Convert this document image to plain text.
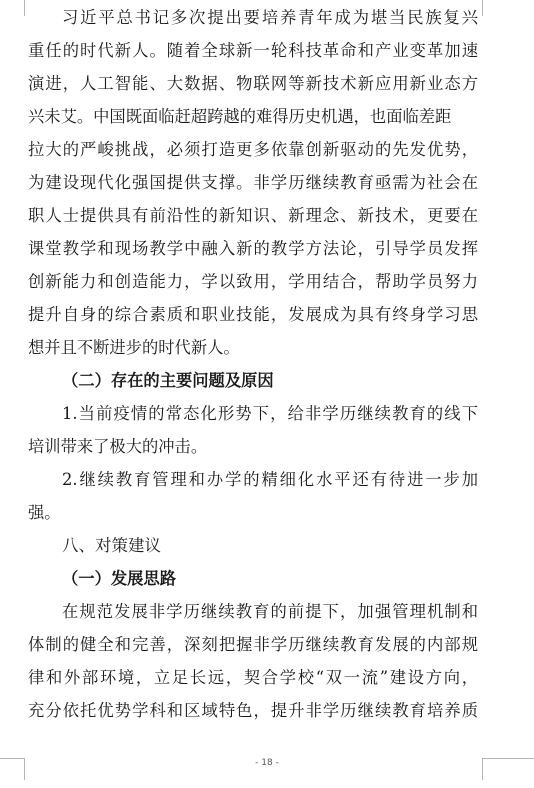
习近平总书记多次提出要培养青年成为堪当民族复兴
重任的时代新人。随着全球新一轮科技革命和产业变革加速
演进，人工智能、大数据、物联网等新技术新应用新业态方
兴未艾。中国既面临赶超跨越的难得历史机遇，也面临差距
拉大的严峻挑战，必须打造更多依靠创新驱动的先发优势，
为建设现代化强国提供支撑。非学历继续教育亟需为社会在
职人士提供具有前沿性的新知识、新理念、新技术，更要在
课堂教学和现场教学中融入新的教学方法论，引导学员发挥
创新能力和创造能力，学以致用，学用结合，帮助学员努力
提升自身的综合素质和职业技能，发展成为具有终身学习思
想并且不断进步的时代新人。
（二）存在的主要问题及原因
1.当前疫情的常态化形势下，给非学历继续教育的线下
培训带来了极大的冲击。
2.继续教育管理和办学的精细化水平还有待进一步加
强。
八、对策建议
（一）发展思路
在规范发展非学历继续教育的前提下，加强管理机制和
体制的健全和完善，深刻把握非学历继续教育发展的内部规
律和外部环境，立足长远，契合学校“双一流”建设方向，
充分依托优势学科和区域特色，提升非学历继续教育培养质
- 18 -
